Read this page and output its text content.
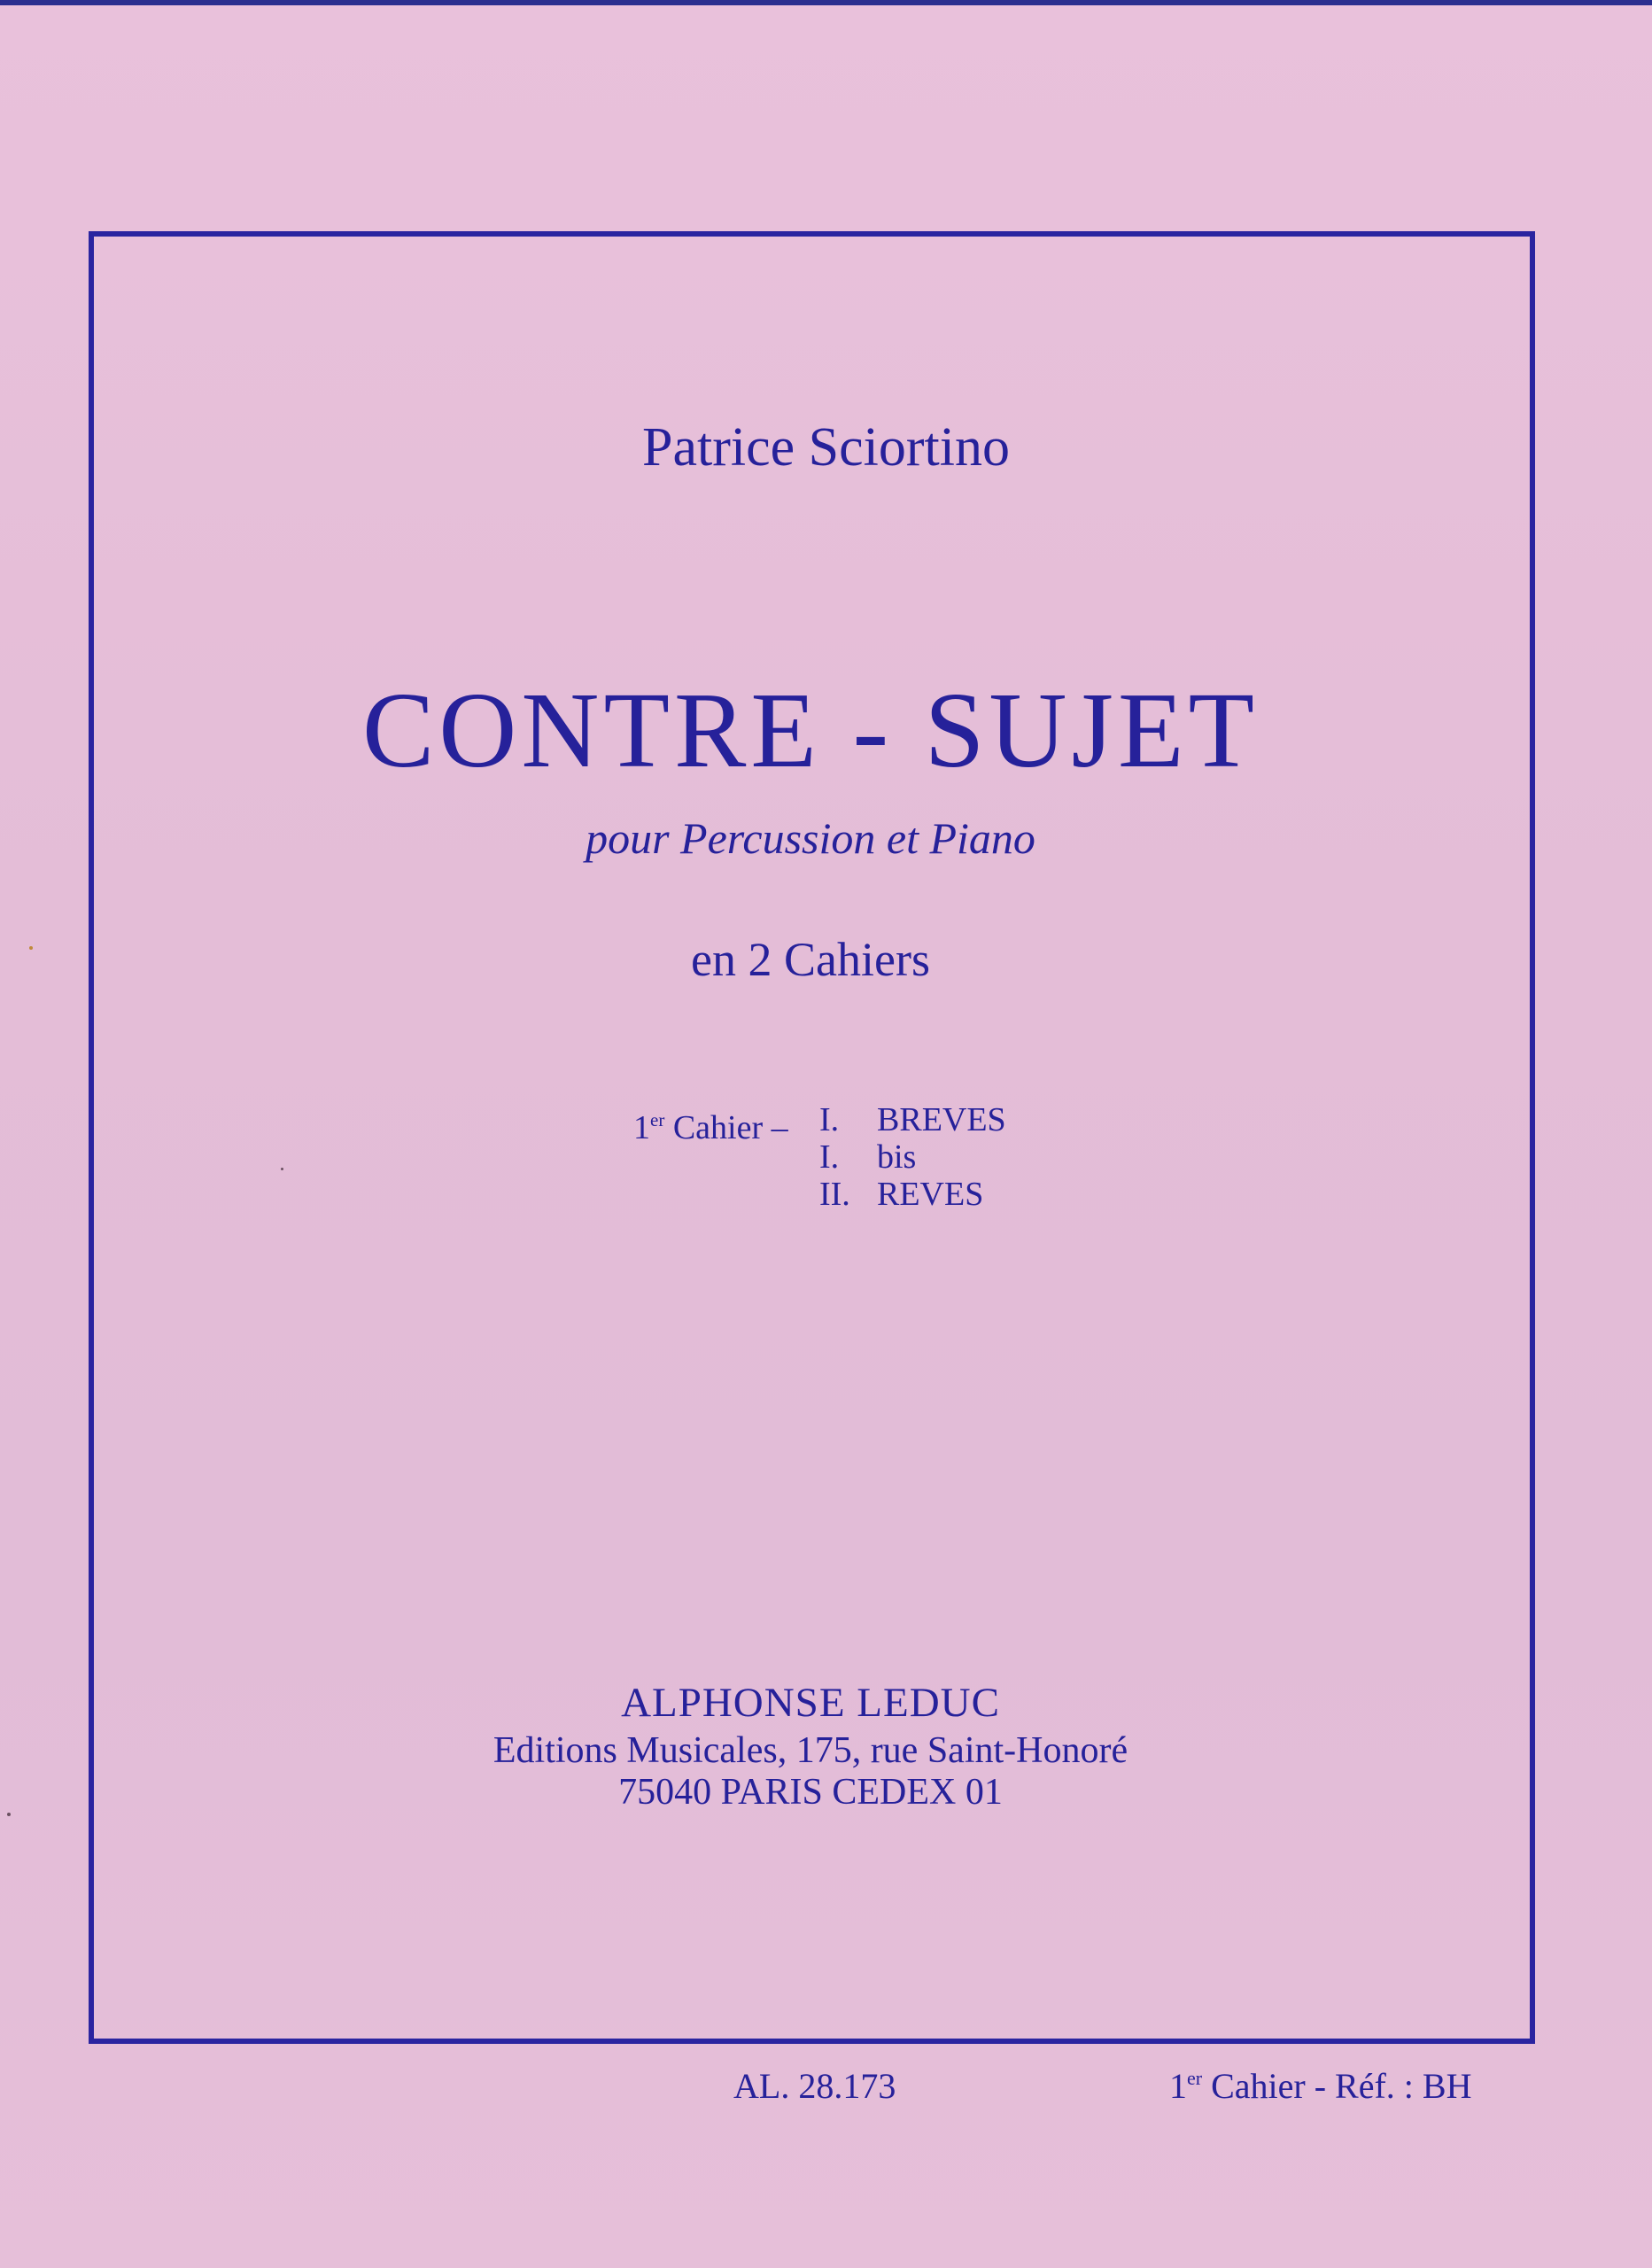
Patrice Sciortino
CONTRE - SUJET
pour Percussion et Piano
en 2 Cahiers
1er Cahier – I. BREVES
I. bis
II. REVES
ALPHONSE LEDUC
Editions Musicales, 175, rue Saint-Honoré
75040 PARIS CEDEX 01
AL. 28.173	1er Cahier - Réf. : BH
